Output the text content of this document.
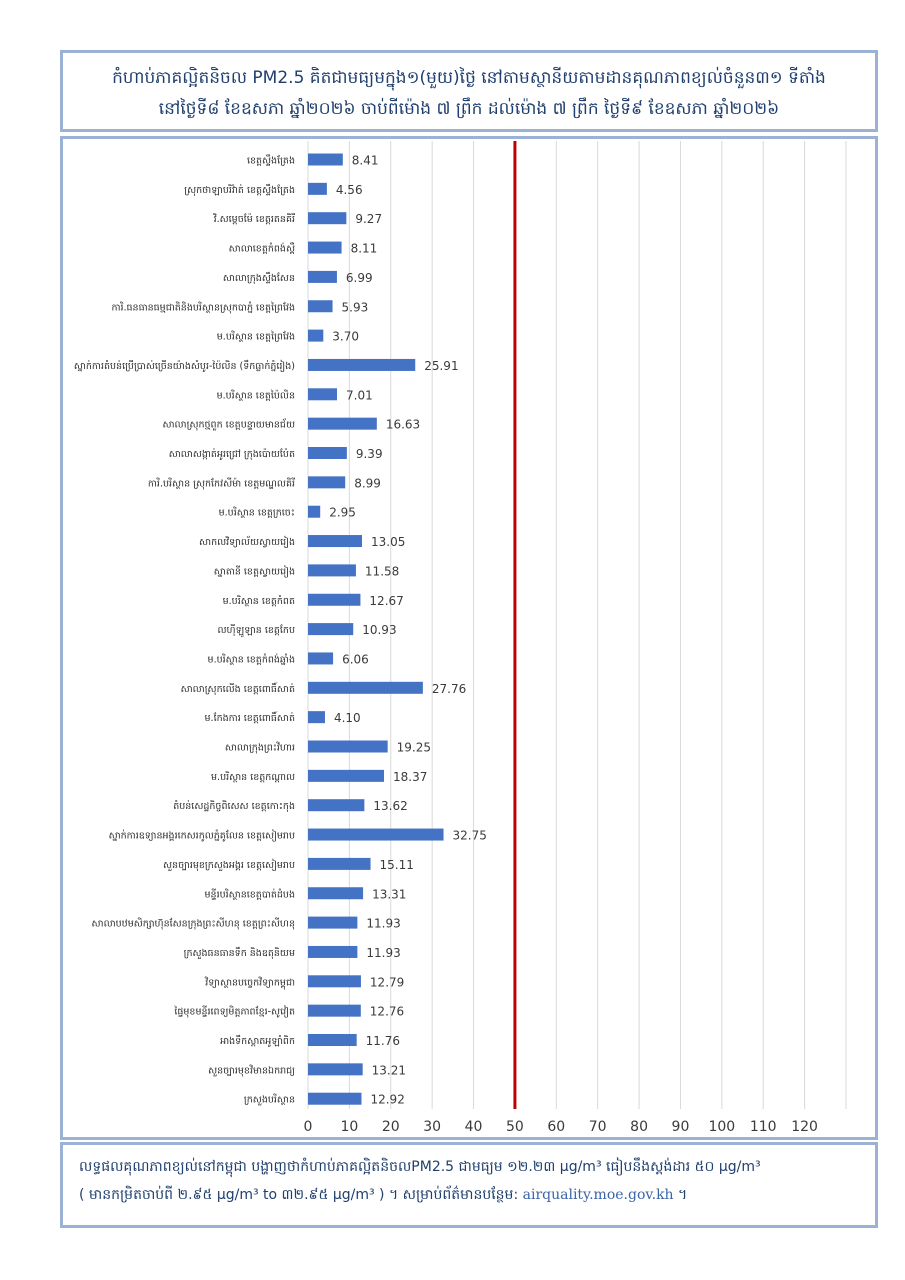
កំហាប់ភាគល្អិតនិចល PM2.5 គិតជាមធ្យមក្នុង១(មួយ)ថ្ងៃ នៅតាមស្ថានីយតាមដានគុណភាពខ្យល់ចំនួន៣១ ទីតាំង
នៅថ្ងៃទី៨ ខែឧសភា ឆ្នាំ២០២៦ ចាប់ពីម៉ោង ៧ ព្រឹក ដល់ម៉ោង ៧ ព្រឹក ថ្ងៃទី៩ ខែឧសភា ឆ្នាំ២០២៦
ខេត្តស្ទឹងត្រែង
ស្រុកថាឡាបរិវ៉ាត់ ខេត្តស្ទឹងត្រែង
វិ.សម្ដេចម៉ែ ខេត្តរតនគិរី
សាលាខេត្តកំពង់ស្ពឺ
សាលាក្រុងស្ទឹងសែន
ការិ.ធនធានធម្មជាតិនិងបរិស្ថានស្រុកបាភ្នំ ខេត្តព្រៃវែង
ម.បរិស្ថាន ខេត្តព្រៃវែង
ស្នាក់ការតំបន់ប្រើប្រាស់ច្រើនយ៉ាងសំបូរ-ប៉ៃលិន (ទឹកធ្លាក់ភ្នំរៀង)
ម.បរិស្ថាន ខេត្តប៉ៃលិន
សាលាស្រុកថ្មពួក ខេត្តបន្ទាយមានជ័យ
សាលាសង្កាត់អូរជ្រៅ ក្រុងប៉ោយប៉ែត
ការិ.បរិស្ថាន ស្រុកកែវសីម៉ា ខេត្តមណ្ឌលគិរី
ម.បរិស្ថាន ខេត្តក្រចេះ
សាកលវិទ្យាល័យស្វាយរៀង
ស្នាតានី ខេត្តស្វាយរៀង
ម.បរិស្ថាន ខេត្តកំពត
លហុីឡូឡាន ខេត្តកែប
ម.បរិស្ថាន ខេត្តកំពង់ឆ្នាំង
សាលាស្រុកលើង ខេត្តពោធិ៍សាត់
ម.កែងការ ខេត្តពោធិ៍សាត់
សាលាក្រុងព្រះវិហារ
ម.បរិស្ថាន ខេត្តកណ្ដាល
តំបន់សេដ្ឋកិច្ចពិសេស ខេត្តកោះកុង
ស្នាក់ការឧទ្យានអង្គរកេសរកូលភ្នំគូលែន ខេត្តសៀមរាប
សួនច្បារមុខក្រសួងអង្គរ ខេត្តសៀមរាប
មន្ទីរបរិស្ថានខេត្តបាត់ដំបង
សាលាបឋមសិក្សាហ៊ុនសែនក្រុងព្រះសីហនុ ខេត្តព្រះសីហនុ
ក្រសួងធនធានទឹក និងឧតុនិយម
វិទ្យាស្ថានបច្ចេកវិទ្យាកម្ពុជា
ផ្ទៃមុខមន្ទីរពេទ្យមិត្តភាពខ្មែរ-សូវៀត
អាងទឹកស្តាតអូឡាំពិក
សួនច្បារមុខវិមានឯករាជ្យ
ក្រសួងបរិស្ថាន
8.41
4.56
9.27
8.11
6.99
5.93
3.70
25.91
7.01
16.63
9.39
8.99
2.95
13.05
11.58
12.67
10.93
6.06
27.76
4.10
19.25
18.37
13.62
32.75
15.11
13.31
11.93
11.93
12.79
12.76
11.76
13.21
12.92
0 10 20 30 40 50 60 70 80 90 100 110 120
លទ្ធផលគុណភាពខ្យល់នៅកម្ពុជា បង្ហាញថាកំហាប់ភាគល្អិតនិចលPM2.5 ជាមធ្យម ១២.២៣ µg/m³ ធៀបនឹងស្តង់ដារ ៥០ µg/m³
( មានកម្រិតចាប់ពី ២.៩៥ µg/m³ to ៣២.៩៥ µg/m³ ) ។ សម្រាប់ព័ត៌មានបន្ថែម: airquality.moe.gov.kh ។
